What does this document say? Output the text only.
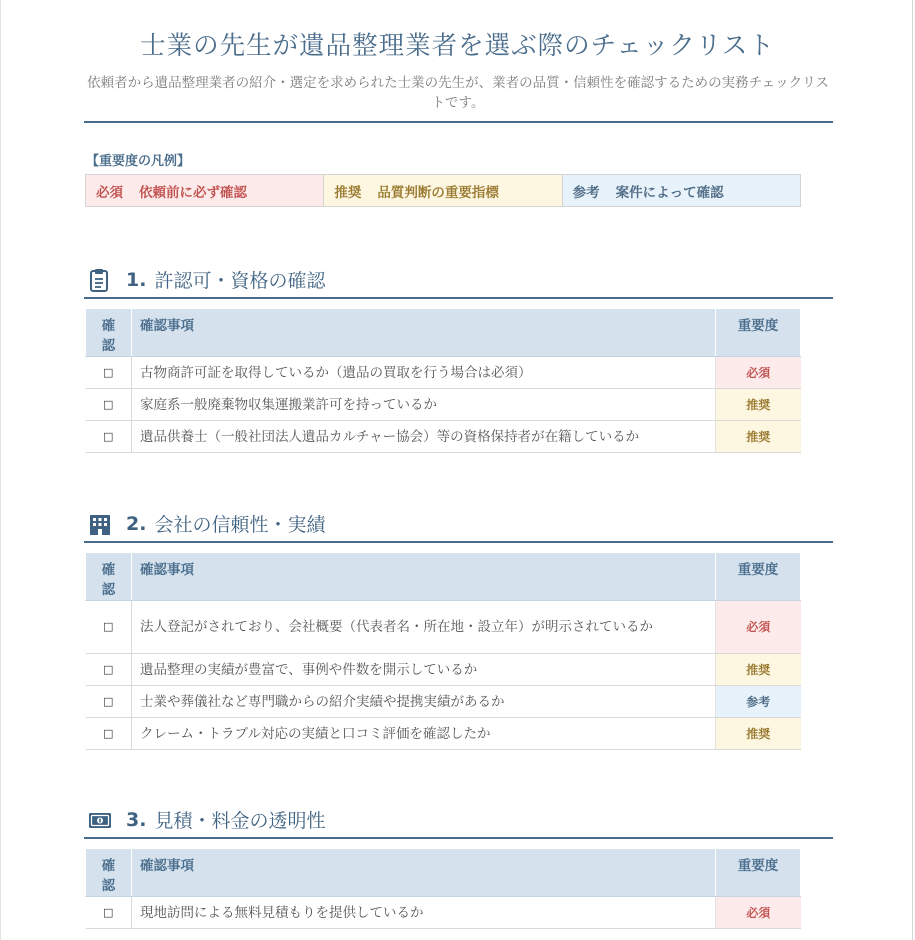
士業の先生が遺品整理業者を選ぶ際のチェックリスト
依頼者から遺品整理業者の紹介・選定を求められた士業の先生が、業者の品質・信頼性を確認するための実務チェックリストです。
【重要度の凡例】
必須 依頼前に必ず確認	推奨 品質判断の重要指標	参考 案件によって確認
1. 許認可・資格の確認
確認	確認事項	重要度
□	古物商許可証を取得しているか（遺品の買取を行う場合は必須）	必須
□	家庭系一般廃棄物収集運搬業許可を持っているか	推奨
□	遺品供養士（一般社団法人遺品カルチャー協会）等の資格保持者が在籍しているか	推奨
2. 会社の信頼性・実績
確認	確認事項	重要度
□	法人登記がされており、会社概要（代表者名・所在地・設立年）が明示されているか	必須
□	遺品整理の実績が豊富で、事例や件数を開示しているか	推奨
□	士業や葬儀社など専門職からの紹介実績や提携実績があるか	参考
□	クレーム・トラブル対応の実績と口コミ評価を確認したか	推奨
3. 見積・料金の透明性
確認	確認事項	重要度
□	現地訪問による無料見積もりを提供しているか	必須
